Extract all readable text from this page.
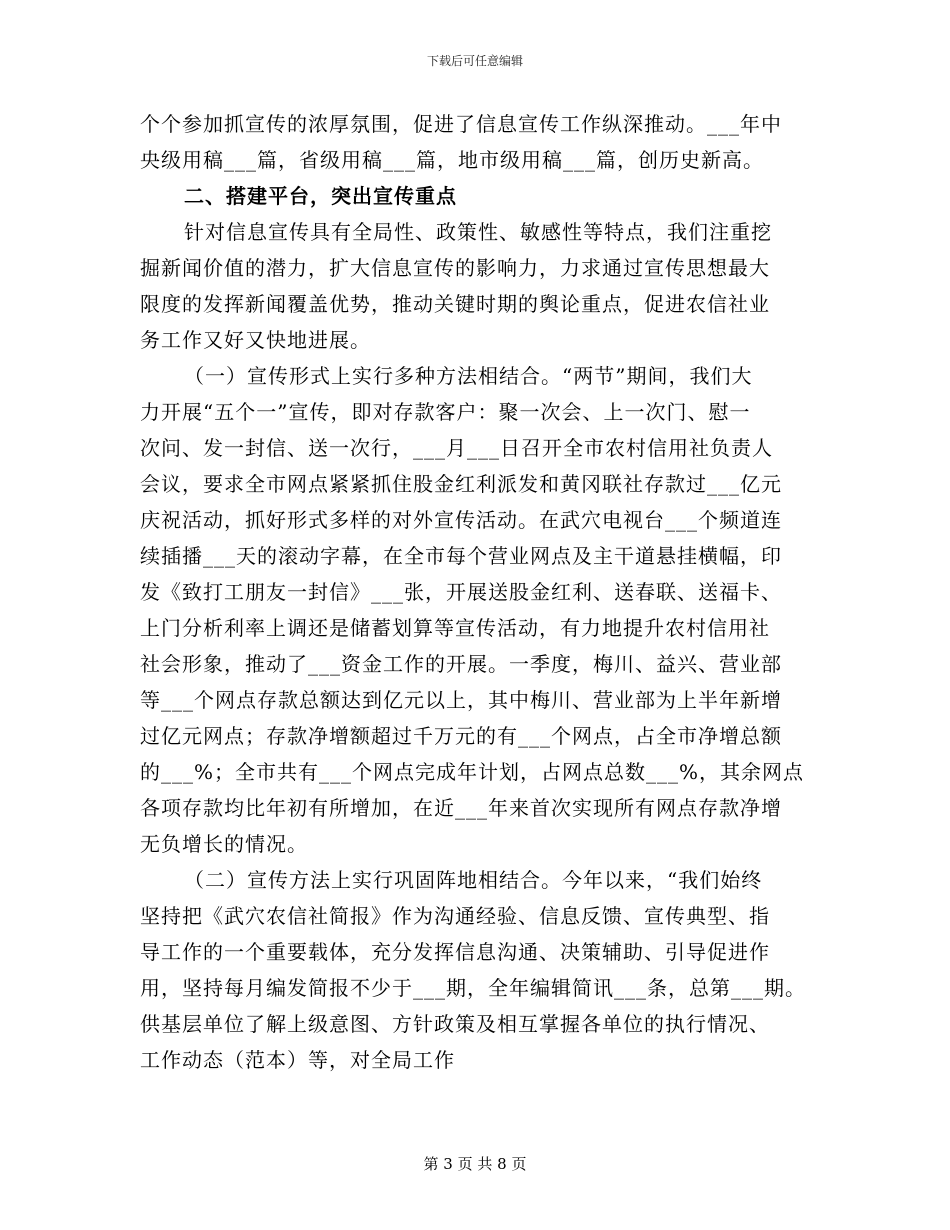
下载后可任意编辑
个个参加抓宣传的浓厚氛围，促进了信息宣传工作纵深推动。___年中
央级用稿___篇，省级用稿___篇，地市级用稿___篇，创历史新高。
二、搭建平台，突出宣传重点
针对信息宣传具有全局性、政策性、敏感性等特点，我们注重挖
掘新闻价值的潜力，扩大信息宣传的影响力，力求通过宣传思想最大
限度的发挥新闻覆盖优势，推动关键时期的舆论重点，促进农信社业
务工作又好又快地进展。
（一）宣传形式上实行多种方法相结合。“两节”期间，我们大
力开展“五个一”宣传，即对存款客户：聚一次会、上一次门、慰一
次问、发一封信、送一次行，___月___日召开全市农村信用社负责人
会议，要求全市网点紧紧抓住股金红利派发和黄冈联社存款过___亿元
庆祝活动，抓好形式多样的对外宣传活动。在武穴电视台___个频道连
续插播___天的滚动字幕，在全市每个营业网点及主干道悬挂横幅，印
发《致打工朋友一封信》___张，开展送股金红利、送春联、送福卡、
上门分析利率上调还是储蓄划算等宣传活动，有力地提升农村信用社
社会形象，推动了___资金工作的开展。一季度，梅川、益兴、营业部
等___个网点存款总额达到亿元以上，其中梅川、营业部为上半年新增
过亿元网点；存款净增额超过千万元的有___个网点，占全市净增总额
的___%；全市共有___个网点完成年计划，占网点总数___%，其余网点
各项存款均比年初有所增加，在近___年来首次实现所有网点存款净增
无负增长的情况。
（二）宣传方法上实行巩固阵地相结合。今年以来，“我们始终
坚持把《武穴农信社简报》作为沟通经验、信息反馈、宣传典型、指
导工作的一个重要载体，充分发挥信息沟通、决策辅助、引导促进作
用，坚持每月编发简报不少于___期，全年编辑简讯___条，总第___期。
供基层单位了解上级意图、方针政策及相互掌握各单位的执行情况、
工作动态（范本）等，对全局工作
第 3 页 共 8 页
